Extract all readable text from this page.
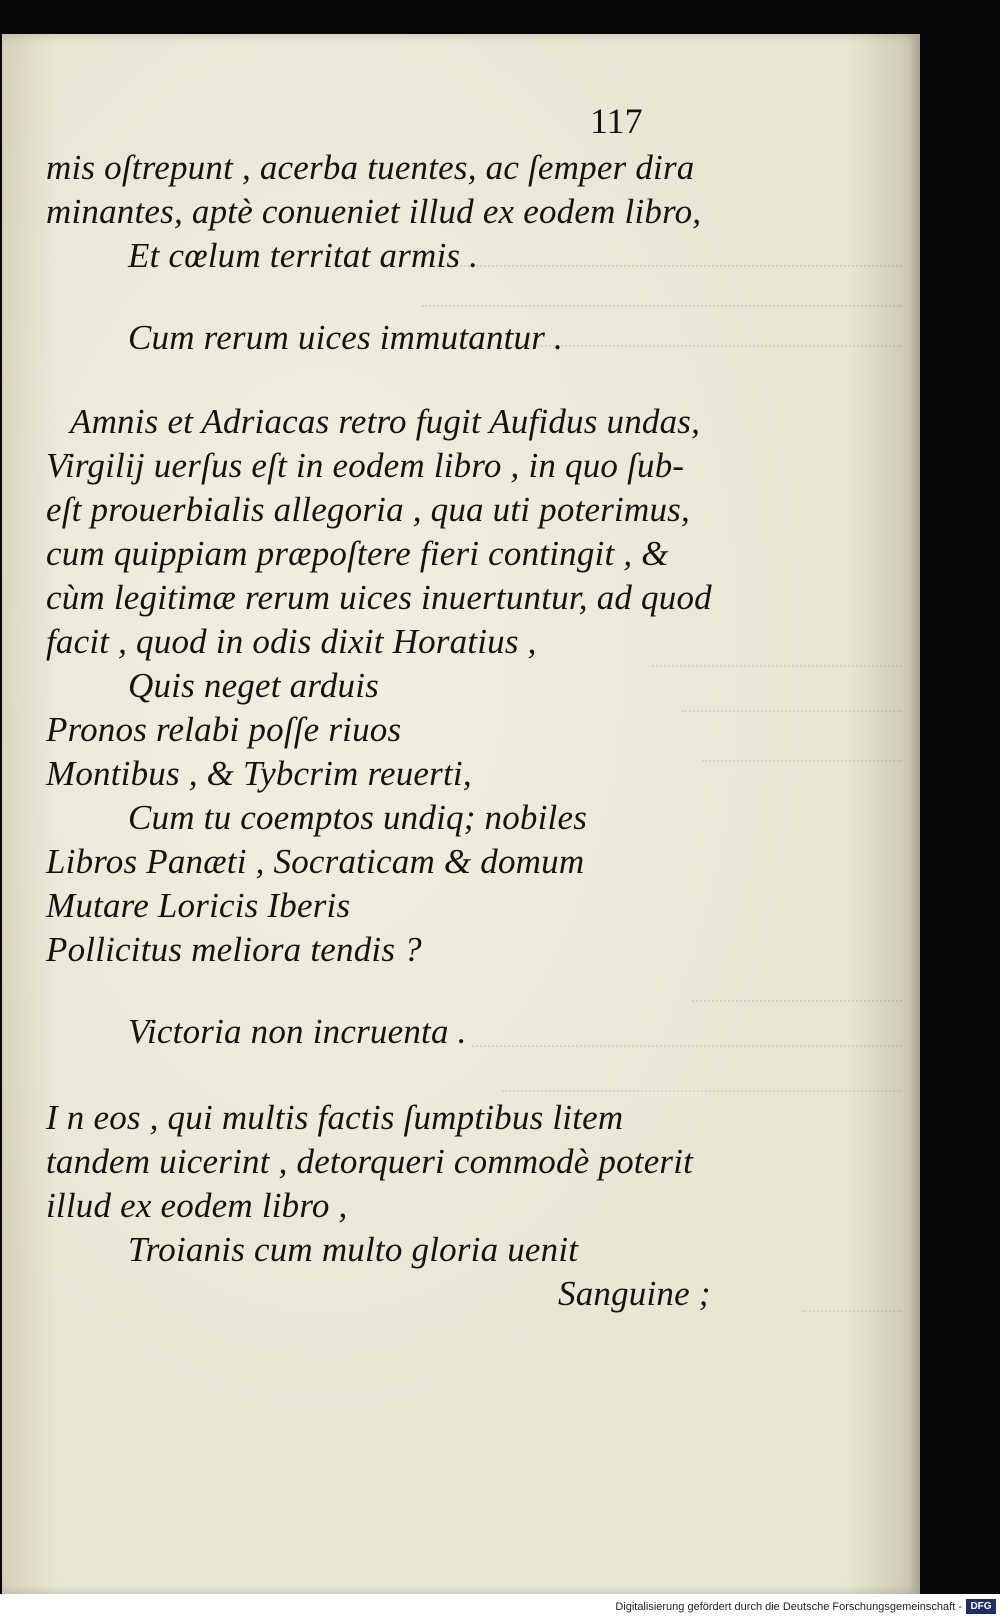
117
mis oſtrepunt , acerba tuentes, ac ſemper dira
minantes, aptè conueniet illud ex eodem libro,
Et cœlum territat armis .
Cum rerum uices immutantur .
Amnis et Adriacas retro fugit Aufidus undas,
Virgilij uerſus eſt in eodem libro , in quo ſub-
eſt prouerbialis allegoria , qua uti poterimus,
cum quippiam præpoſtere fieri contingit , &
cùm legitimæ rerum uices inuertuntur, ad quod
facit , quod in odis dixit Horatius ,
Quis neget arduis
Pronos relabi poſſe riuos
Montibus , & Tybcrim reuerti,
Cum tu coemptos undiq; nobiles
Libros Panæti , Socraticam & domum
Mutare Loricis Iberis
Pollicitus meliora tendis ?
Victoria non incruenta .
I n eos , qui multis factis ſumptibus litem
tandem uicerint , detorqueri commodè poterit
illud ex eodem libro ,
Troianis cum multo gloria uenit
Sanguine ;
Digitalisierung gefördert durch die Deutsche Forschungsgemeinschaft - DFG
